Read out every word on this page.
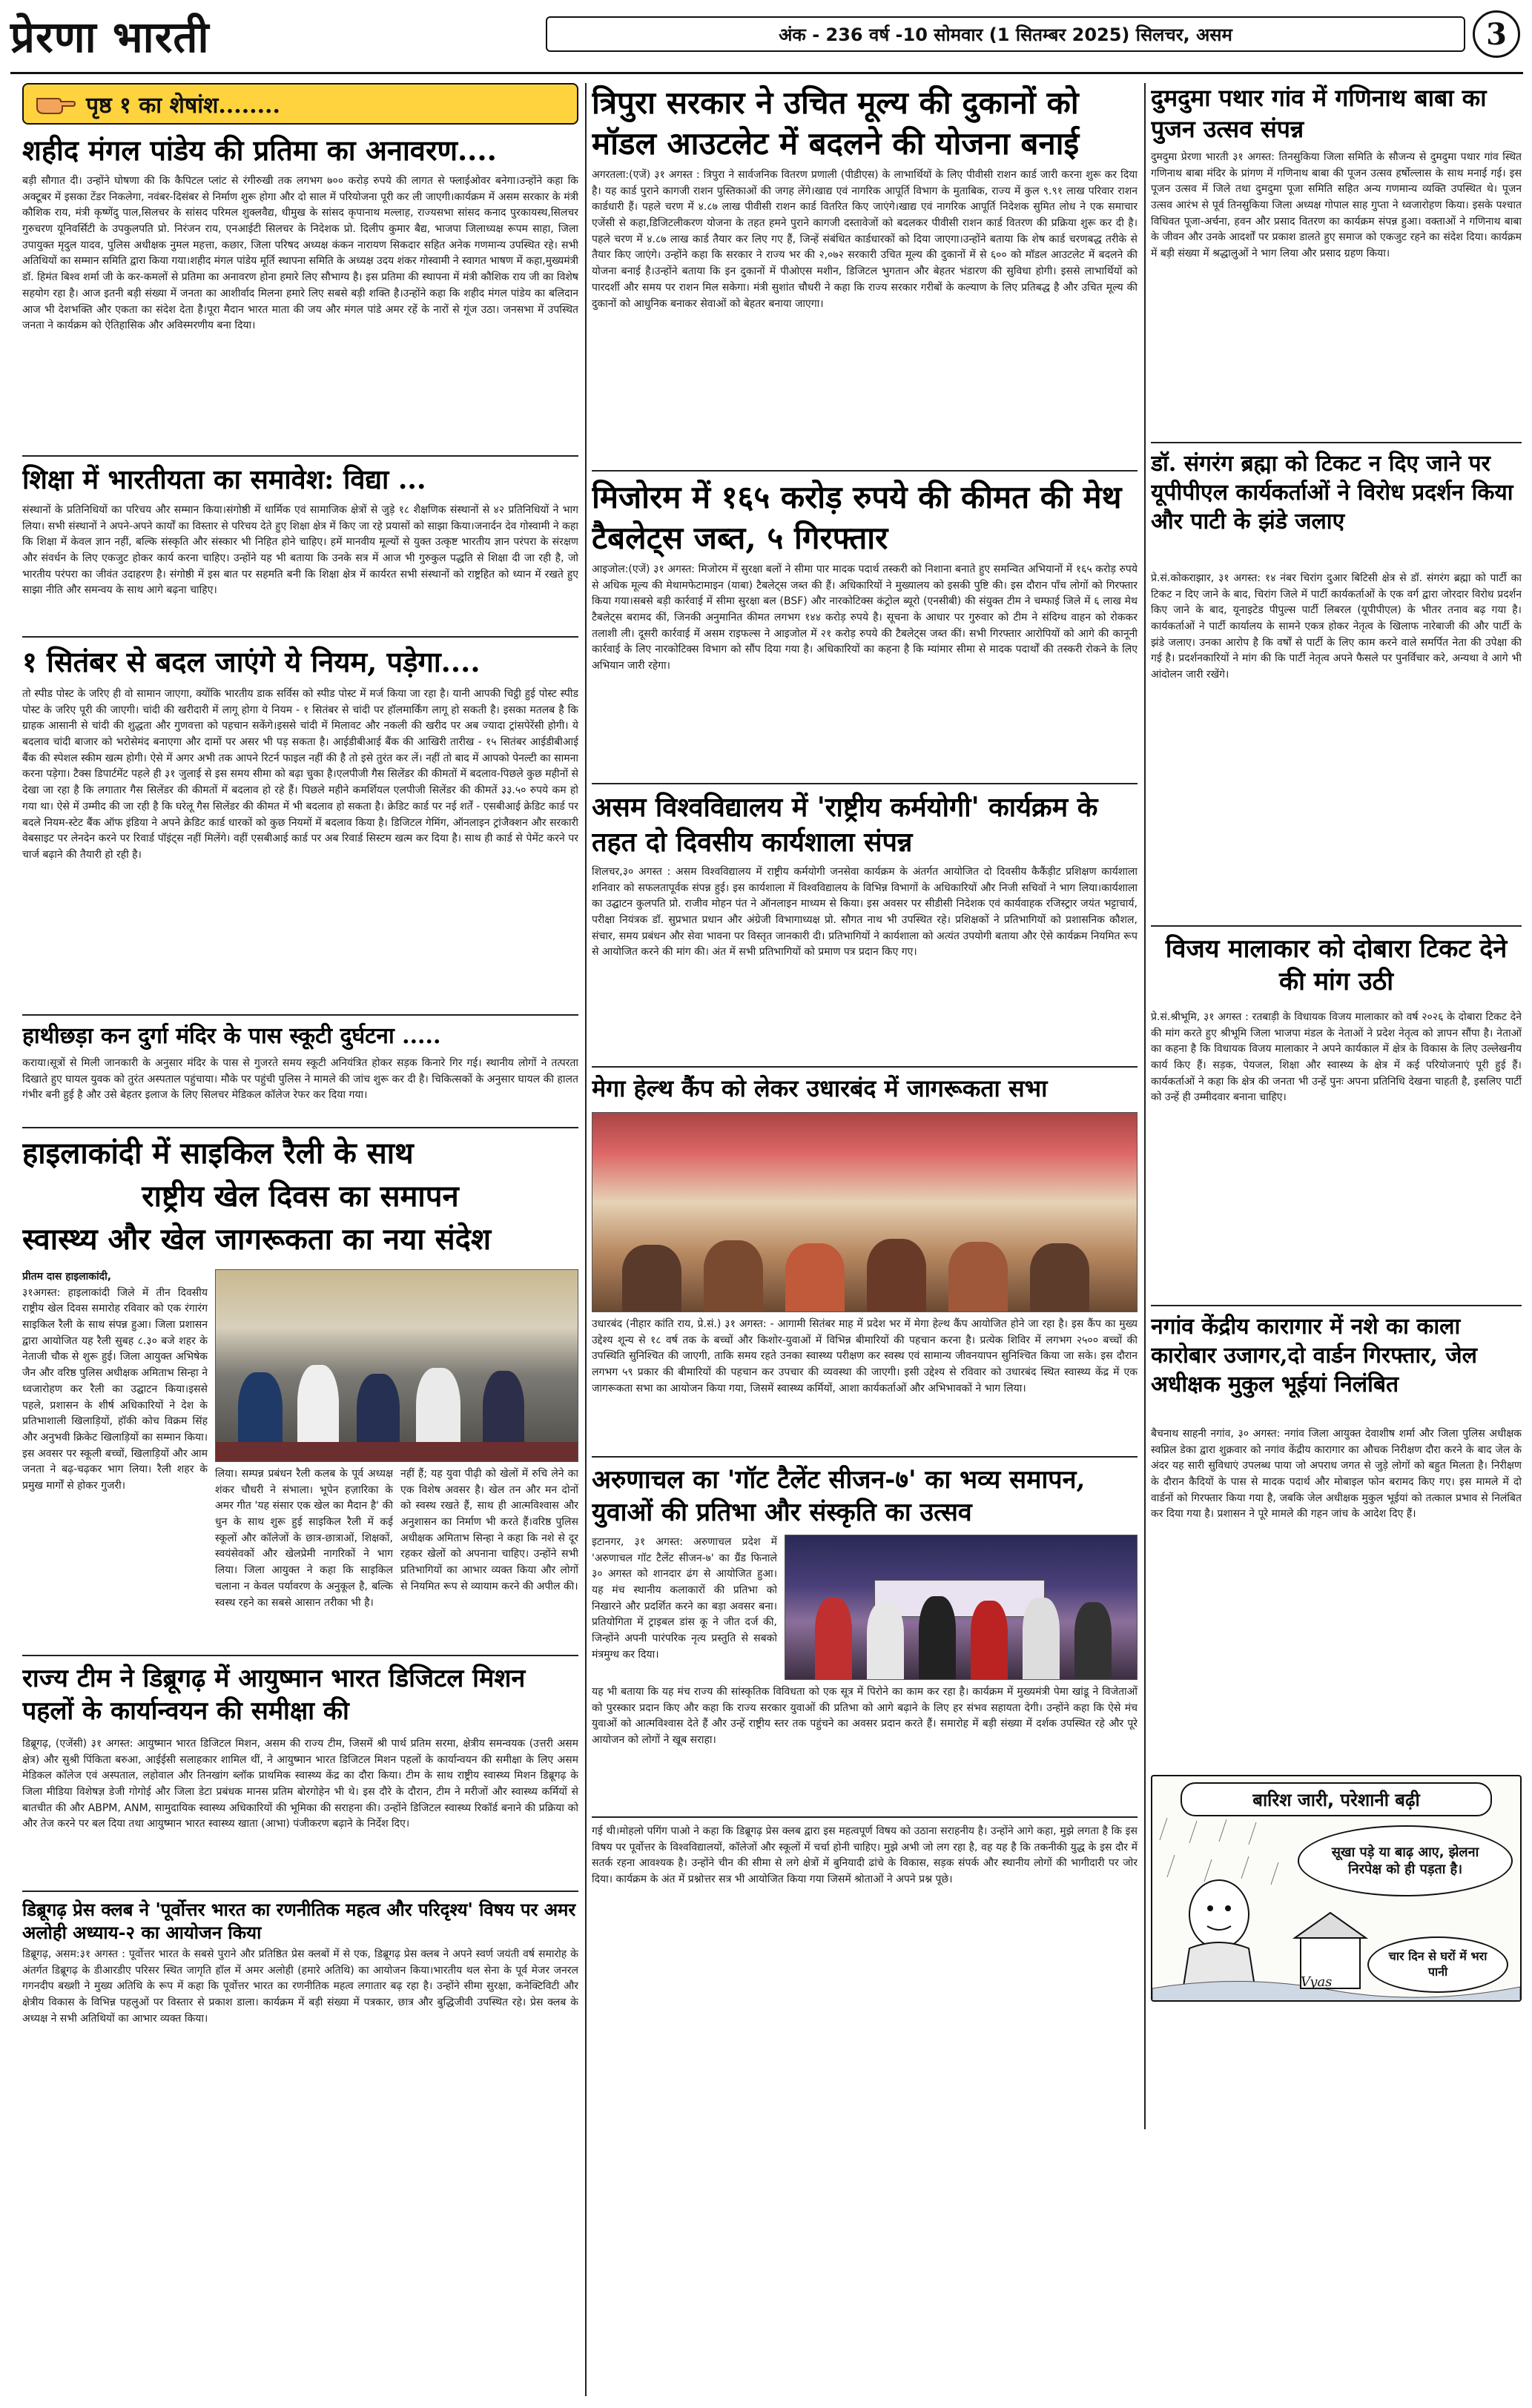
प्रेरणा भारती	अंक - 236 वर्ष -10 सोमवार (1 सितम्बर 2025) सिलचर, असम	3
पृष्ठ १ का शेषांश........
शहीद मंगल पांडेय की प्रतिमा का अनावरण....

बड़ी सौगात दी। उन्होंने घोषणा की कि कैपिटल प्लांट से रंगीरुखी तक लगभग ७०० करोड़ रुपये की लागत से फ्लाईओवर बनेगा।उन्होंने कहा कि अक्टूबर में इसका टेंडर निकलेगा, नवंबर-दिसंबर से निर्माण शुरू होगा और दो साल में परियोजना पूरी कर ली जाएगी।कार्यक्रम में असम सरकार के मंत्री कौशिक राय, मंत्री कृष्णेंदु पाल,सिलचर के सांसद परिमल शुक्लवैद्य, धीमुख के सांसद कृपानाथ मल्लाह, राज्यसभा सांसद कनाद पुरकायस्थ,सिलचर गुरुचरण यूनिवर्सिटी के उपकुलपति प्रो. निरंजन राय, एनआईटी सिलचर के निदेशक प्रो. दिलीप कुमार बैद्य, भाजपा जिलाध्यक्ष रूपम साहा, जिला उपायुक्त मृदुल यादव, पुलिस अधीक्षक नुमल महत्ता, कछार, जिला परिषद अध्यक्ष कंकन नारायण सिकदार सहित अनेक गणमान्य उपस्थित रहे। सभी अतिथियों का सम्मान समिति द्वारा किया गया।शहीद मंगल पांडेय मूर्ति स्थापना समिति के अध्यक्ष उदय शंकर गोस्वामी ने स्वागत भाषण में कहा,मुख्यमंत्री डॉ. हिमंत बिश्व शर्मा जी के कर-कमलों से प्रतिमा का अनावरण होना हमारे लिए सौभाग्य है। इस प्रतिमा की स्थापना में मंत्री कौशिक राय जी का विशेष सहयोग रहा है। आज इतनी बड़ी संख्या में जनता का आशीर्वाद मिलना हमारे लिए सबसे बड़ी शक्ति है।उन्होंने कहा कि शहीद मंगल पांडेय का बलिदान आज भी देशभक्ति और एकता का संदेश देता है।पूरा मैदान भारत माता की जय और मंगल पांडे अमर रहें के नारों से गूंज उठा। जनसभा में उपस्थित जनता ने कार्यक्रम को ऐतिहासिक और अविस्मरणीय बना दिया।

शिक्षा में भारतीयता का समावेश: विद्या ...

संस्थानों के प्रतिनिधियों का परिचय और सम्मान किया।संगोष्ठी में धार्मिक एवं सामाजिक क्षेत्रों से जुड़े १८ शैक्षणिक संस्थानों से ४२ प्रतिनिधियों ने भाग लिया। सभी संस्थानों ने अपने-अपने कार्यों का विस्तार से परिचय देते हुए शिक्षा क्षेत्र में किए जा रहे प्रयासों को साझा किया।जनार्दन देव गोस्वामी ने कहा कि शिक्षा में केवल ज्ञान नहीं, बल्कि संस्कृति और संस्कार भी निहित होने चाहिए। हमें मानवीय मूल्यों से युक्त उत्कृष्ट भारतीय ज्ञान परंपरा के संरक्षण और संवर्धन के लिए एकजुट होकर कार्य करना चाहिए। उन्होंने यह भी बताया कि उनके सत्र में आज भी गुरुकुल पद्धति से शिक्षा दी जा रही है, जो भारतीय परंपरा का जीवंत उदाहरण है। संगोष्ठी में इस बात पर सहमति बनी कि शिक्षा क्षेत्र में कार्यरत सभी संस्थानों को राष्ट्रहित को ध्यान में रखते हुए साझा नीति और समन्वय के साथ आगे बढ़ना चाहिए।

१ सितंबर से बदल जाएंगे ये नियम, पड़ेगा....

तो स्पीड पोस्ट के जरिए ही वो सामान जाएगा, क्योंकि भारतीय डाक सर्विस को स्पीड पोस्ट में मर्ज किया जा रहा है। यानी आपकी चिट्ठी हुई पोस्ट स्पीड पोस्ट के जरिए पूरी की जाएगी। चांदी की खरीदारी में लागू होगा ये नियम - १ सितंबर से चांदी पर हॉलमार्किंग लागू हो सकती है। इसका मतलब है कि ग्राहक आसानी से चांदी की शुद्धता और गुणवत्ता को पहचान सकेंगे।इससे चांदी में मिलावट और नकली की खरीद पर अब ज्यादा ट्रांसपेरेंसी होगी। ये बदलाव चांदी बाजार को भरोसेमंद बनाएगा और दामों पर असर भी पड़ सकता है। आईडीबीआई बैंक की आखिरी तारीख - १५ सितंबर आईडीबीआई बैंक की स्पेशल स्कीम खत्म होगी। ऐसे में अगर अभी तक आपने रिटर्न फाइल नहीं की है तो इसे तुरंत कर लें। नहीं तो बाद में आपको पेनल्टी का सामना करना पड़ेगा। टैक्स डिपार्टमेंट पहले ही ३१ जुलाई से इस समय सीमा को बढ़ा चुका है।एलपीजी गैस सिलेंडर की कीमतों में बदलाव-पिछले कुछ महीनों से देखा जा रहा है कि लगातार गैस सिलेंडर की कीमतों में बदलाव हो रहे हैं। पिछले महीने कमर्शियल एलपीजी सिलेंडर की कीमतें ३३.५० रुपये कम हो गया था। ऐसे में उम्मीद की जा रही है कि घरेलू गैस सिलेंडर की कीमत में भी बदलाव हो सकता है। क्रेडिट कार्ड पर नई शर्तें - एसबीआई क्रेडिट कार्ड पर बदले नियम-स्टेट बैंक ऑफ इंडिया ने अपने क्रेडिट कार्ड धारकों को कुछ नियमों में बदलाव किया है। डिजिटल गेमिंग, ऑनलाइन ट्रांजैक्शन और सरकारी वेबसाइट पर लेनदेन करने पर रिवार्ड पॉइंट्स नहीं मिलेंगे। वहीं एसबीआई कार्ड पर अब रिवार्ड सिस्टम खत्म कर दिया है। साथ ही कार्ड से पेमेंट करने पर चार्ज बढ़ाने की तैयारी हो रही है।

हाथीछड़ा कन दुर्गा मंदिर के पास स्कूटी दुर्घटना .....

कराया।सूत्रों से मिली जानकारी के अनुसार मंदिर के पास से गुजरते समय स्कूटी अनियंत्रित होकर सड़क किनारे गिर गई। स्थानीय लोगों ने तत्परता दिखाते हुए घायल युवक को तुरंत अस्पताल पहुंचाया। मौके पर पहुंची पुलिस ने मामले की जांच शुरू कर दी है। चिकित्सकों के अनुसार घायल की हालत गंभीर बनी हुई है और उसे बेहतर इलाज के लिए सिलचर मेडिकल कॉलेज रेफर कर दिया गया।

हाइलाकांदी में साइकिल रैली के साथ
राष्ट्रीय खेल दिवस का समापन
स्वास्थ्य और खेल जागरूकता का नया संदेश

प्रीतम दास हाइलाकांदी,

३१अगस्त: हाइलाकांदी जिले में तीन दिवसीय राष्ट्रीय खेल दिवस समारोह रविवार को एक रंगारंग साइकिल रैली के साथ संपन्न हुआ। जिला प्रशासन द्वारा आयोजित यह रैली सुबह ८.३० बजे शहर के नेताजी चौक से शुरू हुई। जिला आयुक्त अभिषेक जैन और वरिष्ठ पुलिस अधीक्षक अमिताभ सिन्हा ने ध्वजारोहण कर रैली का उद्घाटन किया।इससे पहले, प्रशासन के शीर्ष अधिकारियों ने देश के प्रतिभाशाली खिलाड़ियों, हॉकी कोच विक्रम सिंह और अनुभवी क्रिकेट खिलाड़ियों का सम्मान किया। इस अवसर पर स्कूली बच्चों, खिलाड़ियों और आम जनता ने बढ़-चढ़कर भाग लिया। रैली शहर के प्रमुख मार्गों से होकर गुजरी।

लिया। सम्पन्न प्रबंधन रैली कलब के पूर्व अध्यक्ष शंकर चौधरी ने संभाला। भूपेन हज़ारिका के अमर गीत 'यह संसार एक खेल का मैदान है' की धुन के साथ शुरू हुई साइकिल रैली में कई स्कूलों और कॉलेजों के छात्र-छात्राओं, शिक्षकों, स्वयंसेवकों और खेलप्रेमी नागरिकों ने भाग लिया। जिला आयुक्त ने कहा कि साइकिल चलाना न केवल पर्यावरण के अनुकूल है, बल्कि स्वस्थ रहने का सबसे आसान तरीका भी है।

नहीं हैं; यह युवा पीढ़ी को खेलों में रुचि लेने का एक विशेष अवसर है। खेल तन और मन दोनों को स्वस्थ रखते हैं, साथ ही आत्मविश्वास और अनुशासन का निर्माण भी करते हैं।वरिष्ठ पुलिस अधीक्षक अमिताभ सिन्हा ने कहा कि नशे से दूर रहकर खेलों को अपनाना चाहिए। उन्होंने सभी प्रतिभागियों का आभार व्यक्त किया और लोगों से नियमित रूप से व्यायाम करने की अपील की।

राज्य टीम ने डिब्रूगढ़ में आयुष्मान भारत डिजिटल मिशन पहलों के कार्यान्वयन की समीक्षा की

डिब्रूगढ़, (एजेंसी) ३१ अगस्त: आयुष्मान भारत डिजिटल मिशन, असम की राज्य टीम, जिसमें श्री पार्थ प्रतिम सरमा, क्षेत्रीय समन्वयक (उत्तरी असम क्षेत्र) और सुश्री पिंकिता बरुआ, आईईसी सलाहकार शामिल थीं, ने आयुष्मान भारत डिजिटल मिशन पहलों के कार्यान्वयन की समीक्षा के लिए असम मेडिकल कॉलेज एवं अस्पताल, लहोवाल और तिनखांग ब्लॉक प्राथमिक स्वास्थ्य केंद्र का दौरा किया। टीम के साथ राष्ट्रीय स्वास्थ्य मिशन डिब्रूगढ़ के जिला मीडिया विशेषज्ञ डेजी गोगोई और जिला डेटा प्रबंधक मानस प्रतिम बोरगोहेन भी थे। इस दौरे के दौरान, टीम ने मरीजों और स्वास्थ्य कर्मियों से बातचीत की और ABPM, ANM, सामुदायिक स्वास्थ्य अधिकारियों की भूमिका की सराहना की। उन्होंने डिजिटल स्वास्थ्य रिकॉर्ड बनाने की प्रक्रिया को और तेज करने पर बल दिया तथा आयुष्मान भारत स्वास्थ्य खाता (आभा) पंजीकरण बढ़ाने के निर्देश दिए।

डिब्रूगढ़ प्रेस क्लब ने 'पूर्वोत्तर भारत का रणनीतिक महत्व और परिदृश्य' विषय पर अमर अलोही अध्याय-२ का आयोजन किया

डिब्रूगढ़, असम:३१ अगस्त : पूर्वोत्तर भारत के सबसे पुराने और प्रतिष्ठित प्रेस क्लबों में से एक, डिब्रूगढ़ प्रेस क्लब ने अपने स्वर्ण जयंती वर्ष समारोह के अंतर्गत डिब्रूगढ़ के डीआरडीए परिसर स्थित जागृति हॉल में अमर अलोही (हमारे अतिथि) का आयोजन किया।भारतीय थल सेना के पूर्व मेजर जनरल गगनदीप बख्शी ने मुख्य अतिथि के रूप में कहा कि पूर्वोत्तर भारत का रणनीतिक महत्व लगातार बढ़ रहा है। उन्होंने सीमा सुरक्षा, कनेक्टिविटी और क्षेत्रीय विकास के विभिन्न पहलुओं पर विस्तार से प्रकाश डाला। कार्यक्रम में बड़ी संख्या में पत्रकार, छात्र और बुद्धिजीवी उपस्थित रहे। प्रेस क्लब के अध्यक्ष ने सभी अतिथियों का आभार व्यक्त किया।

त्रिपुरा सरकार ने उचित मूल्य की दुकानों को मॉडल आउटलेट में बदलने की योजना बनाई

अगरतला:(एजें) ३१ अगस्त : त्रिपुरा ने सार्वजनिक वितरण प्रणाली (पीडीएस) के लाभार्थियों के लिए पीवीसी राशन कार्ड जारी करना शुरू कर दिया है। यह कार्ड पुराने कागजी राशन पुस्तिकाओं की जगह लेंगे।खाद्य एवं नागरिक आपूर्ति विभाग के मुताबिक, राज्य में कुल ९.९१ लाख परिवार राशन कार्डधारी हैं। पहले चरण में ४.८७ लाख पीवीसी राशन कार्ड वितरित किए जाएंगे।खाद्य एवं नागरिक आपूर्ति निदेशक सुमित लोध ने एक समाचार एजेंसी से कहा,डिजिटलीकरण योजना के तहत हमने पुराने कागजी दस्तावेजों को बदलकर पीवीसी राशन कार्ड वितरण की प्रक्रिया शुरू कर दी है। पहले चरण में ४.८७ लाख कार्ड तैयार कर लिए गए हैं, जिन्हें संबंधित कार्डधारकों को दिया जाएगा।उन्होंने बताया कि शेष कार्ड चरणबद्ध तरीके से तैयार किए जाएंगे। उन्होंने कहा कि सरकार ने राज्य भर की २,०७२ सरकारी उचित मूल्य की दुकानों में से ६०० को मॉडल आउटलेट में बदलने की योजना बनाई है।उन्होंने बताया कि इन दुकानों में पीओएस मशीन, डिजिटल भुगतान और बेहतर भंडारण की सुविधा होगी। इससे लाभार्थियों को पारदर्शी और समय पर राशन मिल सकेगा। मंत्री सुशांत चौधरी ने कहा कि राज्य सरकार गरीबों के कल्याण के लिए प्रतिबद्ध है और उचित मूल्य की दुकानों को आधुनिक बनाकर सेवाओं को बेहतर बनाया जाएगा।

मिजोरम में १६५ करोड़ रुपये की कीमत की मेथ टैबलेट्स जब्त, ५ गिरफ्तार

आइजोल:(एजें) ३१ अगस्त: मिजोरम में सुरक्षा बलों ने सीमा पार मादक पदार्थ तस्करी को निशाना बनाते हुए समन्वित अभियानों में १६५ करोड़ रुपये से अधिक मूल्य की मेथामफेटामाइन (याबा) टैबलेट्स जब्त की हैं। अधिकारियों ने मुख्यालय को इसकी पुष्टि की। इस दौरान पाँच लोगों को गिरफ्तार किया गया।सबसे बड़ी कार्रवाई में सीमा सुरक्षा बल (BSF) और नारकोटिक्स कंट्रोल ब्यूरो (एनसीबी) की संयुक्त टीम ने चम्फाई जिले में ६ लाख मेथ टैबलेट्स बरामद कीं, जिनकी अनुमानित कीमत लगभग १४४ करोड़ रुपये है। सूचना के आधार पर गुरुवार को टीम ने संदिग्ध वाहन को रोककर तलाशी ली। दूसरी कार्रवाई में असम राइफल्स ने आइजोल में २१ करोड़ रुपये की टैबलेट्स जब्त कीं। सभी गिरफ्तार आरोपियों को आगे की कानूनी कार्रवाई के लिए नारकोटिक्स विभाग को सौंप दिया गया है। अधिकारियों का कहना है कि म्यांमार सीमा से मादक पदार्थों की तस्करी रोकने के लिए अभियान जारी रहेगा।

असम विश्वविद्यालय में 'राष्ट्रीय कर्मयोगी' कार्यक्रम के तहत दो दिवसीय कार्यशाला संपन्न

शिलचर,३० अगस्त : असम विश्वविद्यालय में राष्ट्रीय कर्मयोगी जनसेवा कार्यक्रम के अंतर्गत आयोजित दो दिवसीय कैकैंड़ीट प्रशिक्षण कार्यशाला शनिवार को सफलतापूर्वक संपन्न हुई। इस कार्यशाला में विश्वविद्यालय के विभिन्न विभागों के अधिकारियों और निजी सचिवों ने भाग लिया।कार्यशाला का उद्घाटन कुलपति प्रो. राजीव मोहन पंत ने ऑनलाइन माध्यम से किया। इस अवसर पर सीडीसी निदेशक एवं कार्यवाहक रजिस्ट्रार जयंत भट्टाचार्य, परीक्षा नियंत्रक डॉ. सुप्रभात प्रधान और अंग्रेजी विभागाध्यक्ष प्रो. सौगत नाथ भी उपस्थित रहे। प्रशिक्षकों ने प्रतिभागियों को प्रशासनिक कौशल, संचार, समय प्रबंधन और सेवा भावना पर विस्तृत जानकारी दी। प्रतिभागियों ने कार्यशाला को अत्यंत उपयोगी बताया और ऐसे कार्यक्रम नियमित रूप से आयोजित करने की मांग की। अंत में सभी प्रतिभागियों को प्रमाण पत्र प्रदान किए गए।

मेगा हेल्थ कैंप को लेकर उधारबंद में जागरूकता सभा

उधारबंद (नीहार कांति राय, प्रे.सं.) ३१ अगस्त: - आगामी सितंबर माह में प्रदेश भर में मेगा हेल्थ कैंप आयोजित होने जा रहा है। इस कैंप का मुख्य उद्देश्य शून्य से १८ वर्ष तक के बच्चों और किशोर-युवाओं में विभिन्न बीमारियों की पहचान करना है। प्रत्येक शिविर में लगभग २५०० बच्चों की उपस्थिति सुनिश्चित की जाएगी, ताकि समय रहते उनका स्वास्थ्य परीक्षण कर स्वस्थ एवं सामान्य जीवनयापन सुनिश्चित किया जा सके। इस दौरान लगभग ५९ प्रकार की बीमारियों की पहचान कर उपचार की व्यवस्था की जाएगी। इसी उद्देश्य से रविवार को उधारबंद स्थित स्वास्थ्य केंद्र में एक जागरूकता सभा का आयोजन किया गया, जिसमें स्वास्थ्य कर्मियों, आशा कार्यकर्ताओं और अभिभावकों ने भाग लिया।

अरुणाचल का 'गॉट टैलेंट सीजन-७' का भव्य समापन, युवाओं की प्रतिभा और संस्कृति का उत्सव

इटानगर, ३१ अगस्त: अरुणाचल प्रदेश में 'अरुणाचल गॉट टैलेंट सीजन-७' का ग्रैंड फिनाले ३० अगस्त को शानदार ढंग से आयोजित हुआ। यह मंच स्थानीय कलाकारों की प्रतिभा को निखारने और प्रदर्शित करने का बड़ा अवसर बना।प्रतियोगिता में ट्राइबल डांस कू ने जीत दर्ज की, जिन्होंने अपनी पारंपरिक नृत्य प्रस्तुति से सबको मंत्रमुग्ध कर दिया।

यह भी बताया कि यह मंच राज्य की सांस्कृतिक विविधता को एक सूत्र में पिरोने का काम कर रहा है। कार्यक्रम में मुख्यमंत्री पेमा खांडू ने विजेताओं को पुरस्कार प्रदान किए और कहा कि राज्य सरकार युवाओं की प्रतिभा को आगे बढ़ाने के लिए हर संभव सहायता देगी। उन्होंने कहा कि ऐसे मंच युवाओं को आत्मविश्वास देते हैं और उन्हें राष्ट्रीय स्तर तक पहुंचने का अवसर प्रदान करते हैं। समारोह में बड़ी संख्या में दर्शक उपस्थित रहे और पूरे आयोजन को लोगों ने खूब सराहा।

गई थी।मोहलो पगिंग पाओ ने कहा कि डिब्रूगढ़ प्रेस क्लब द्वारा इस महत्वपूर्ण विषय को उठाना सराहनीय है। उन्होंने आगे कहा, मुझे लगता है कि इस विषय पर पूर्वोत्तर के विश्वविद्यालयों, कॉलेजों और स्कूलों में चर्चा होनी चाहिए। मुझे अभी जो लग रहा है, वह यह है कि तकनीकी युद्ध के इस दौर में सतर्क रहना आवश्यक है। उन्होंने चीन की सीमा से लगे क्षेत्रों में बुनियादी ढांचे के विकास, सड़क संपर्क और स्थानीय लोगों की भागीदारी पर जोर दिया। कार्यक्रम के अंत में प्रश्नोत्तर सत्र भी आयोजित किया गया जिसमें श्रोताओं ने अपने प्रश्न पूछे।

दुमदुमा पथार गांव में गणिनाथ बाबा का पुजन उत्सव संपन्न

दुमदुमा प्रेरणा भारती ३१ अगस्त: तिनसुकिया जिला समिति के सौजन्य से दुमदुमा पथार गांव स्थित गणिनाथ बाबा मंदिर के प्रांगण में गणिनाथ बाबा की पूजन उत्सव हर्षोल्लास के साथ मनाई गई। इस पूजन उत्सव में जिले तथा दुमदुमा पूजा समिति सहित अन्य गणमान्य व्यक्ति उपस्थित थे। पूजन उत्सव आरंभ से पूर्व तिनसुकिया जिला अध्यक्ष गोपाल साह गुप्ता ने ध्वजारोहण किया। इसके पश्चात विधिवत पूजा-अर्चना, हवन और प्रसाद वितरण का कार्यक्रम संपन्न हुआ। वक्ताओं ने गणिनाथ बाबा के जीवन और उनके आदर्शों पर प्रकाश डालते हुए समाज को एकजुट रहने का संदेश दिया। कार्यक्रम में बड़ी संख्या में श्रद्धालुओं ने भाग लिया और प्रसाद ग्रहण किया।

डॉ. संगरंग ब्रह्मा को टिकट न दिए जाने पर यूपीपीएल कार्यकर्ताओं ने विरोध प्रदर्शन किया और पाटी के झंडे जलाए

प्रे.सं.कोकराझार, ३१ अगस्त: १४ नंबर चिरांग दुआर बिटिसी क्षेत्र से डॉ. संगरंग ब्रह्मा को पार्टी का टिकट न दिए जाने के बाद, चिरांग जिले में पार्टी कार्यकर्ताओं के एक वर्ग द्वारा जोरदार विरोध प्रदर्शन किए जाने के बाद, यूनाइटेड पीपुल्स पार्टी लिबरल (यूपीपीएल) के भीतर तनाव बढ़ गया है। कार्यकर्ताओं ने पार्टी कार्यालय के सामने एकत्र होकर नेतृत्व के खिलाफ नारेबाजी की और पार्टी के झंडे जलाए। उनका आरोप है कि वर्षों से पार्टी के लिए काम करने वाले समर्पित नेता की उपेक्षा की गई है। प्रदर्शनकारियों ने मांग की कि पार्टी नेतृत्व अपने फैसले पर पुनर्विचार करे, अन्यथा वे आगे भी आंदोलन जारी रखेंगे।

विजय मालाकार को दोबारा टिकट देने की मांग उठी

प्रे.सं.श्रीभूमि, ३१ अगस्त : रतबाड़ी के विधायक विजय मालाकार को वर्ष २०२६ के दोबारा टिकट देने की मांग करते हुए श्रीभूमि जिला भाजपा मंडल के नेताओं ने प्रदेश नेतृत्व को ज्ञापन सौंपा है। नेताओं का कहना है कि विधायक विजय मालाकार ने अपने कार्यकाल में क्षेत्र के विकास के लिए उल्लेखनीय कार्य किए हैं। सड़क, पेयजल, शिक्षा और स्वास्थ्य के क्षेत्र में कई परियोजनाएं पूरी हुई हैं। कार्यकर्ताओं ने कहा कि क्षेत्र की जनता भी उन्हें पुनः अपना प्रतिनिधि देखना चाहती है, इसलिए पार्टी को उन्हें ही उम्मीदवार बनाना चाहिए।

नगांव केंद्रीय कारागार में नशे का काला कारोबार उजागर,दो वार्डन गिरफ्तार, जेल अधीक्षक मुकुल भूईयां निलंबित

बैचनाथ साहनी नगांव, ३० अगस्त: नगांव जिला आयुक्त देवाशीष शर्मा और जिला पुलिस अधीक्षक स्वप्निल डेका द्वारा शुक्रवार को नगांव केंद्रीय कारागार का औचक निरीक्षण दौरा करने के बाद जेल के अंदर यह सारी सुविधाएं उपलब्ध पाया जो अपराध जगत से जुड़े लोगों को बहुत मिलता है। निरीक्षण के दौरान कैदियों के पास से मादक पदार्थ और मोबाइल फोन बरामद किए गए। इस मामले में दो वार्डनों को गिरफ्तार किया गया है, जबकि जेल अधीक्षक मुकुल भूईयां को तत्काल प्रभाव से निलंबित कर दिया गया है। प्रशासन ने पूरे मामले की गहन जांच के आदेश दिए हैं।

बारिश जारी, परेशानी बढ़ी
सूखा पड़े या बाढ़ आए, झेलना निरपेक्ष को ही पड़ता है।
चार दिन से घरों में भरा पानी
Vyas
